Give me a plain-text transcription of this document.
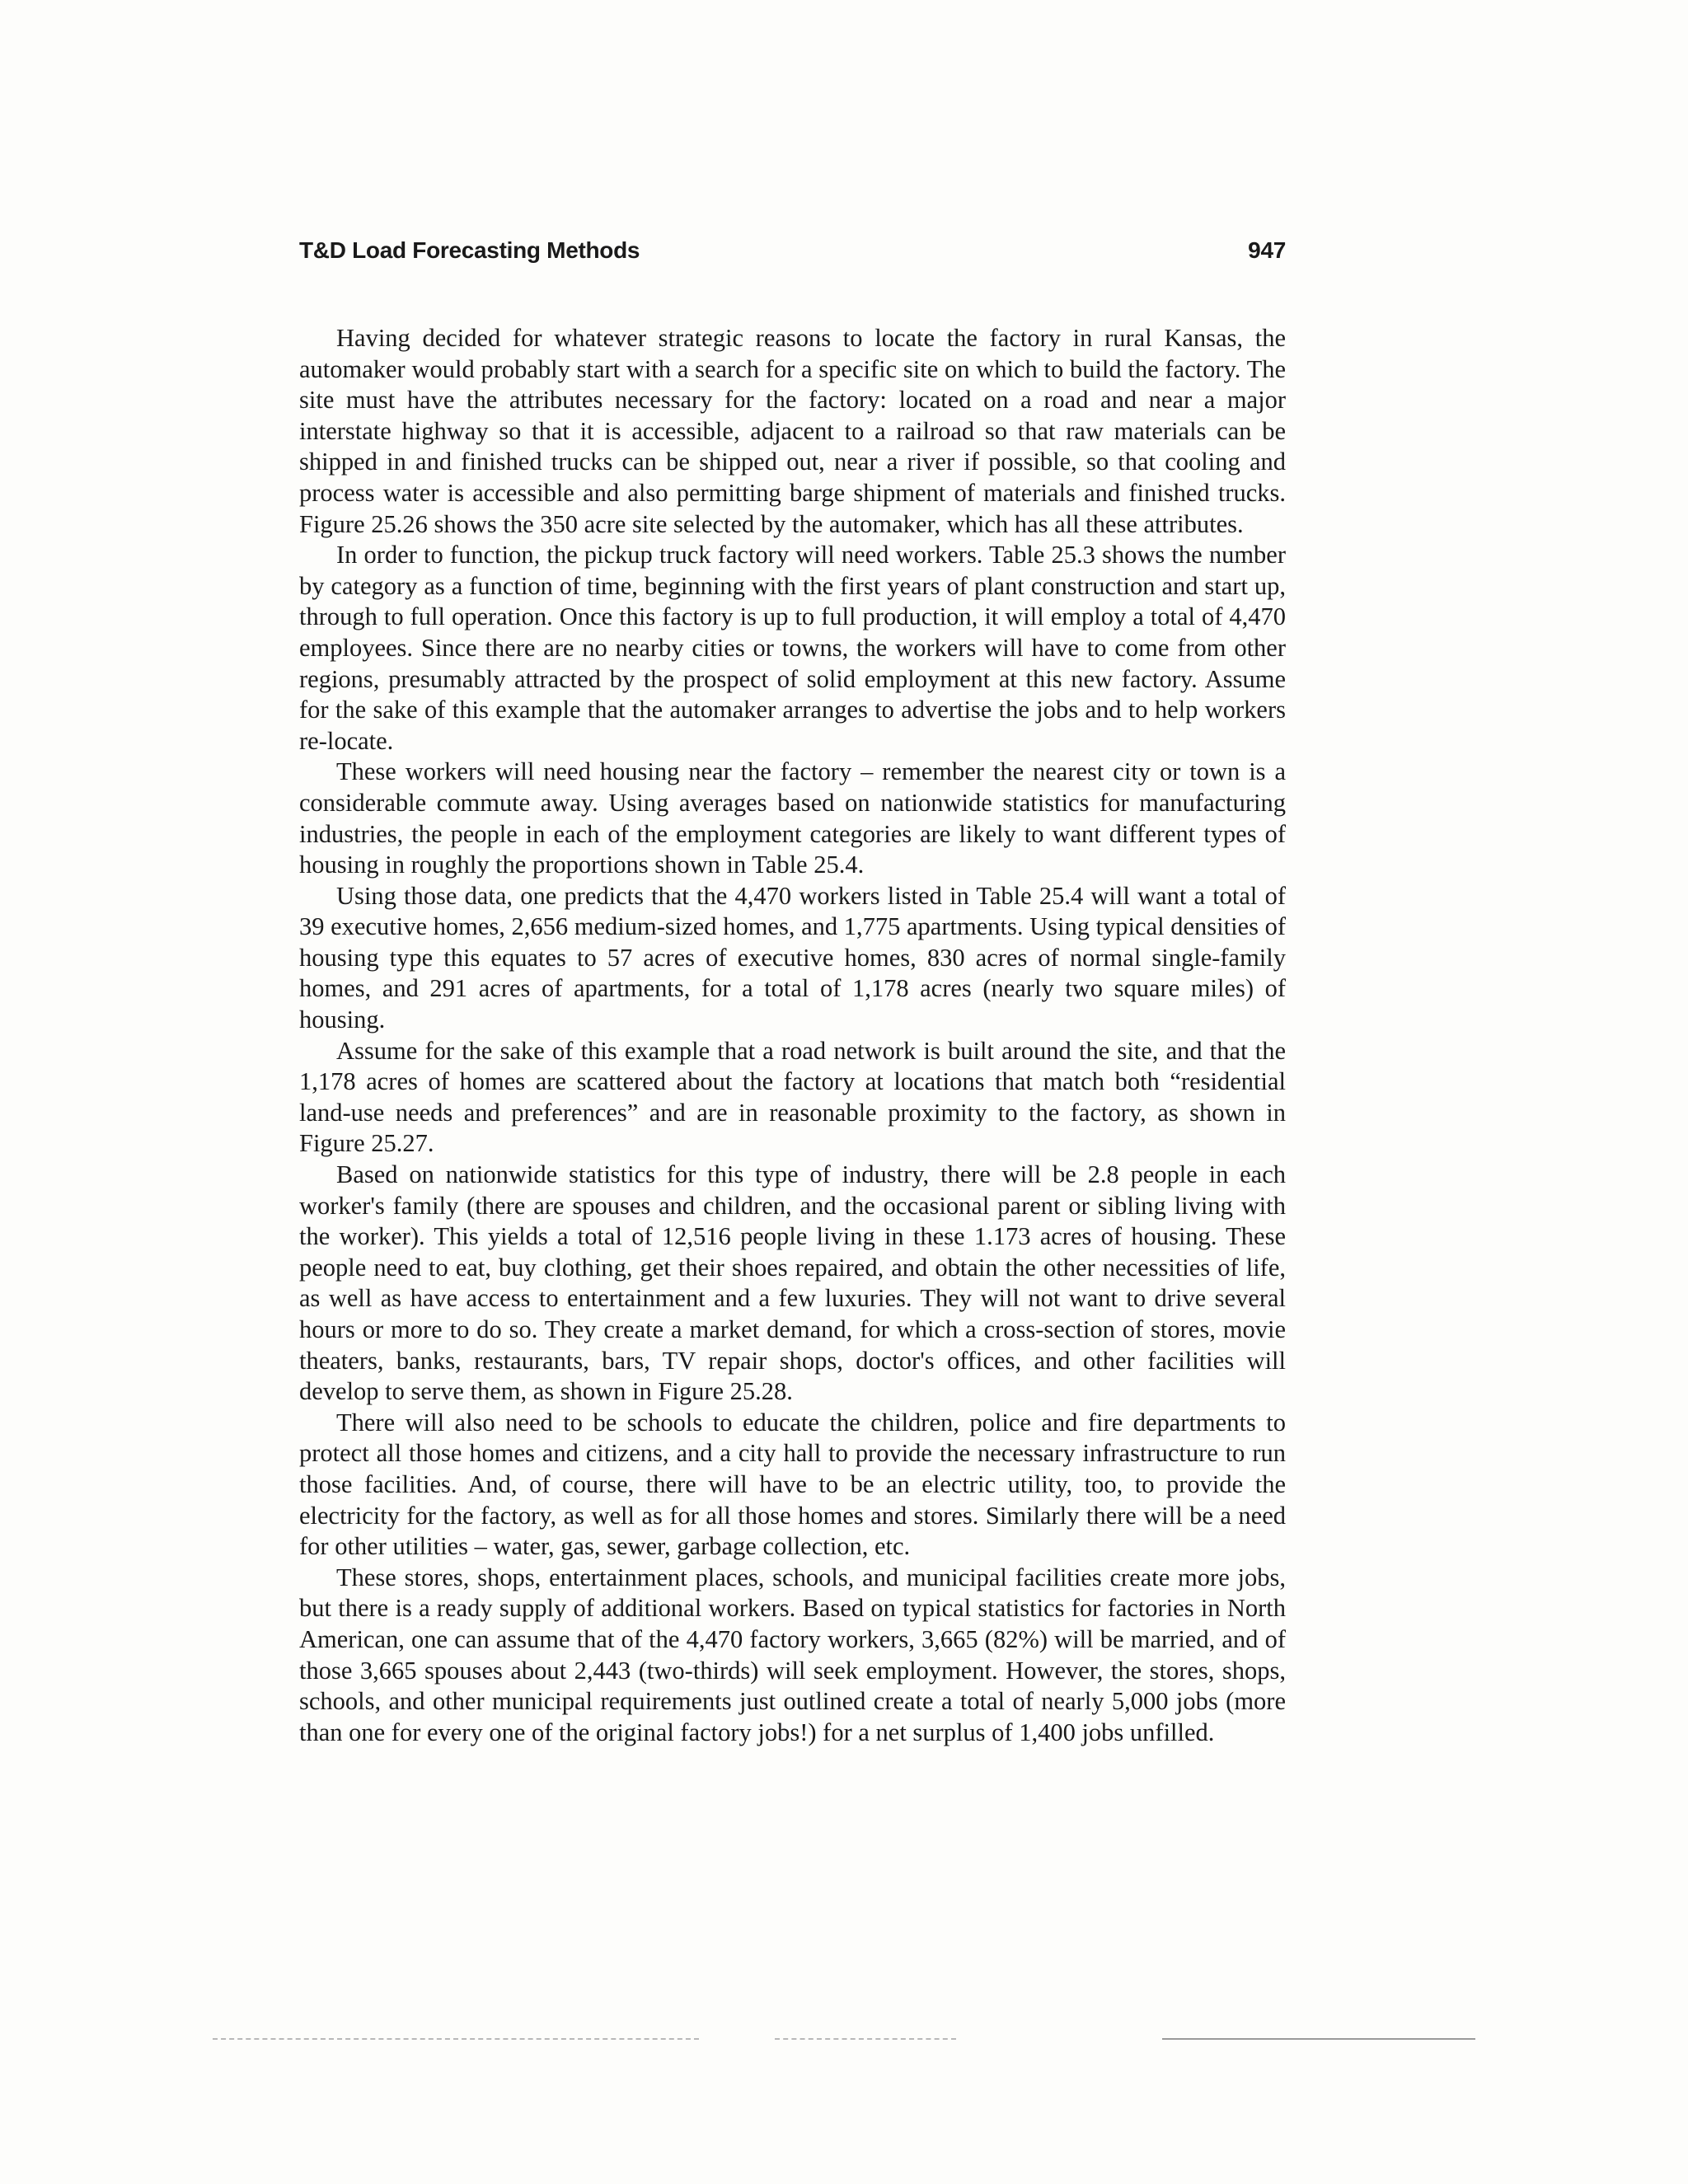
T&D Load Forecasting Methods	947

Having decided for whatever strategic reasons to locate the factory in rural Kansas, the automaker would probably start with a search for a specific site on which to build the factory. The site must have the attributes necessary for the factory: located on a road and near a major interstate highway so that it is accessible, adjacent to a railroad so that raw materials can be shipped in and finished trucks can be shipped out, near a river if possible, so that cooling and process water is accessible and also permitting barge shipment of materials and finished trucks. Figure 25.26 shows the 350 acre site selected by the automaker, which has all these attributes.

In order to function, the pickup truck factory will need workers. Table 25.3 shows the number by category as a function of time, beginning with the first years of plant construction and start up, through to full operation. Once this factory is up to full production, it will employ a total of 4,470 employees. Since there are no nearby cities or towns, the workers will have to come from other regions, presumably attracted by the prospect of solid employment at this new factory. Assume for the sake of this example that the automaker arranges to advertise the jobs and to help workers re-locate.

These workers will need housing near the factory – remember the nearest city or town is a considerable commute away. Using averages based on nationwide statistics for manufacturing industries, the people in each of the employment categories are likely to want different types of housing in roughly the proportions shown in Table 25.4.

Using those data, one predicts that the 4,470 workers listed in Table 25.4 will want a total of 39 executive homes, 2,656 medium-sized homes, and 1,775 apartments. Using typical densities of housing type this equates to 57 acres of executive homes, 830 acres of normal single-family homes, and 291 acres of apartments, for a total of 1,178 acres (nearly two square miles) of housing.

Assume for the sake of this example that a road network is built around the site, and that the 1,178 acres of homes are scattered about the factory at locations that match both “residential land-use needs and preferences” and are in reasonable proximity to the factory, as shown in Figure 25.27.

Based on nationwide statistics for this type of industry, there will be 2.8 people in each worker's family (there are spouses and children, and the occasional parent or sibling living with the worker). This yields a total of 12,516 people living in these 1.173 acres of housing. These people need to eat, buy clothing, get their shoes repaired, and obtain the other necessities of life, as well as have access to entertainment and a few luxuries. They will not want to drive several hours or more to do so. They create a market demand, for which a cross-section of stores, movie theaters, banks, restaurants, bars, TV repair shops, doctor's offices, and other facilities will develop to serve them, as shown in Figure 25.28.

There will also need to be schools to educate the children, police and fire departments to protect all those homes and citizens, and a city hall to provide the necessary infrastructure to run those facilities. And, of course, there will have to be an electric utility, too, to provide the electricity for the factory, as well as for all those homes and stores. Similarly there will be a need for other utilities – water, gas, sewer, garbage collection, etc.

These stores, shops, entertainment places, schools, and municipal facilities create more jobs, but there is a ready supply of additional workers. Based on typical statistics for factories in North American, one can assume that of the 4,470 factory workers, 3,665 (82%) will be married, and of those 3,665 spouses about 2,443 (two-thirds) will seek employment. However, the stores, shops, schools, and other municipal requirements just outlined create a total of nearly 5,000 jobs (more than one for every one of the original factory jobs!) for a net surplus of 1,400 jobs unfilled.
